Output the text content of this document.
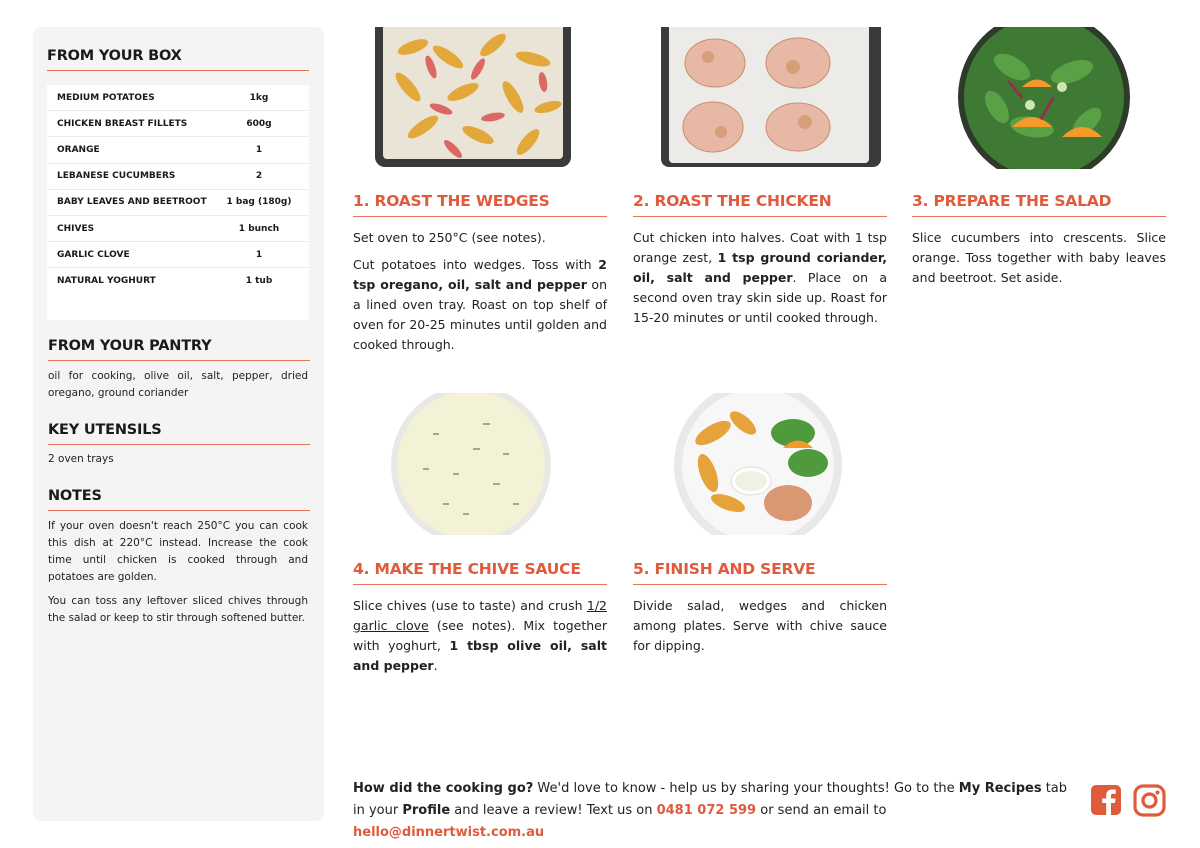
FROM YOUR BOX
MEDIUM POTATOES	1kg
CHICKEN BREAST FILLETS	600g
ORANGE	1
LEBANESE CUCUMBERS	2
BABY LEAVES AND BEETROOT	1 bag (180g)
CHIVES	1 bunch
GARLIC CLOVE	1
NATURAL YOGHURT	1 tub
FROM YOUR PANTRY
oil for cooking, olive oil, salt, pepper, dried oregano, ground coriander
KEY UTENSILS
2 oven trays
NOTES
If your oven doesn't reach 250°C you can cook this dish at 220°C instead. Increase the cook time until chicken is cooked through and potatoes are golden.
You can toss any leftover sliced chives through the salad or keep to stir through softened butter.
1. ROAST THE WEDGES

Set oven to 250°C (see notes).

Cut potatoes into wedges. Toss with 2 tsp oregano, oil, salt and pepper on a lined oven tray. Roast on top shelf of oven for 20-25 minutes until golden and cooked through.

2. ROAST THE CHICKEN

Cut chicken into halves. Coat with 1 tsp orange zest, 1 tsp ground coriander, oil, salt and pepper. Place on a second oven tray skin side up. Roast for 15-20 minutes or until cooked through.

3. PREPARE THE SALAD

Slice cucumbers into crescents. Slice orange. Toss together with baby leaves and beetroot. Set aside.

4. MAKE THE CHIVE SAUCE

Slice chives (use to taste) and crush 1/2 garlic clove (see notes). Mix together with yoghurt, 1 tbsp olive oil, salt and pepper.

5. FINISH AND SERVE

Divide salad, wedges and chicken among plates. Serve with chive sauce for dipping.

How did the cooking go? We'd love to know - help us by sharing your thoughts! Go to the My Recipes tab in your Profile and leave a review! Text us on 0481 072 599 or send an email to hello@dinnertwist.com.au
